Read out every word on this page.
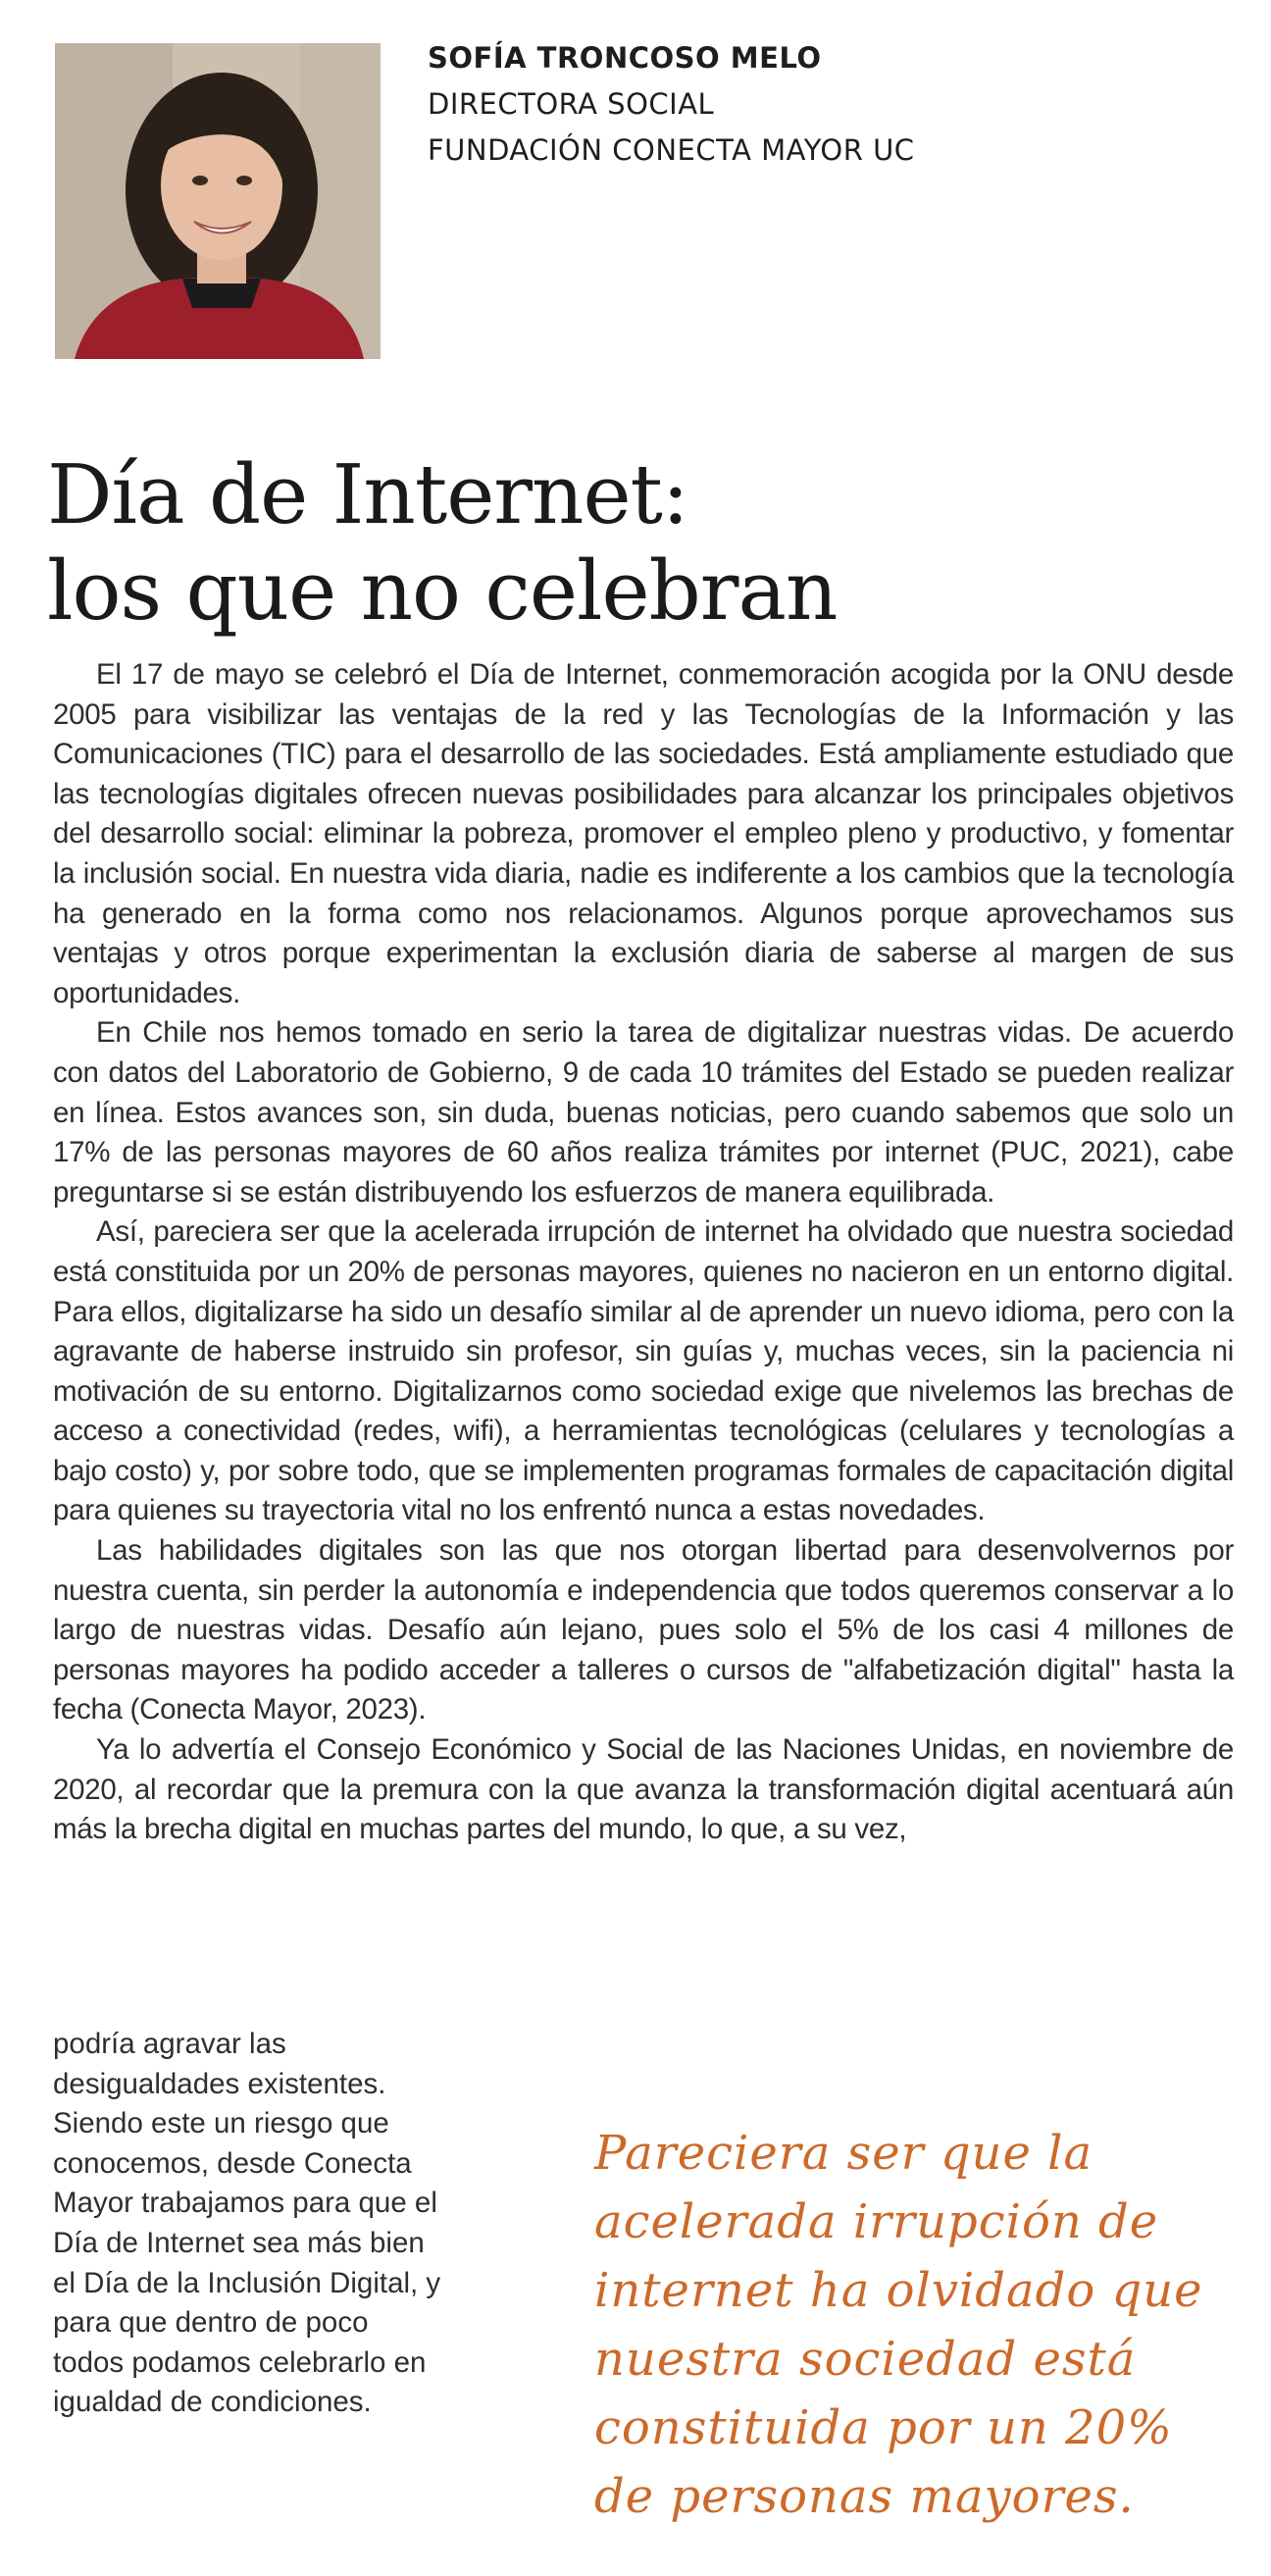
SOFÍA TRONCOSO MELO
DIRECTORA SOCIAL
FUNDACIÓN CONECTA MAYOR UC
Día de Internet:
los que no celebran

El 17 de mayo se celebró el Día de Internet, conmemoración acogida por la ONU desde 2005 para visibilizar las ventajas de la red y las Tecnologías de la Información y las Comunicaciones (TIC) para el desarrollo de las sociedades. Está ampliamente estudiado que las tecnologías digitales ofrecen nuevas posibilidades para alcanzar los principales objetivos del desarrollo social: eliminar la pobreza, promover el empleo pleno y productivo, y fomentar la inclusión social. En nuestra vida diaria, nadie es indiferente a los cambios que la tecnología ha generado en la forma como nos relacionamos. Algunos porque aprovechamos sus ventajas y otros porque experimentan la exclusión diaria de saberse al margen de sus oportunidades.

En Chile nos hemos tomado en serio la tarea de digitalizar nuestras vidas. De acuerdo con datos del Laboratorio de Gobierno, 9 de cada 10 trámites del Estado se pueden realizar en línea. Estos avances son, sin duda, buenas noticias, pero cuando sabemos que solo un 17% de las personas mayores de 60 años realiza trámites por internet (PUC, 2021), cabe preguntarse si se están distribuyendo los esfuerzos de manera equilibrada.

Así, pareciera ser que la acelerada irrupción de internet ha olvidado que nuestra sociedad está constituida por un 20% de personas mayores, quienes no nacieron en un entorno digital. Para ellos, digitalizarse ha sido un desafío similar al de aprender un nuevo idioma, pero con la agravante de haberse instruido sin profesor, sin guías y, muchas veces, sin la paciencia ni motivación de su entorno. Digitalizarnos como sociedad exige que nivelemos las brechas de acceso a conectividad (redes, wifi), a herramientas tecnológicas (celulares y tecnologías a bajo costo) y, por sobre todo, que se implementen programas formales de capacitación digital para quienes su trayectoria vital no los enfrentó nunca a estas novedades.

Las habilidades digitales son las que nos otorgan libertad para desenvolvernos por nuestra cuenta, sin perder la autonomía e independencia que todos queremos conservar a lo largo de nuestras vidas. Desafío aún lejano, pues solo el 5% de los casi 4 millones de personas mayores ha podido acceder a talleres o cursos de "alfabetización digital" hasta la fecha (Conecta Mayor, 2023).

Ya lo advertía el Consejo Económico y Social de las Naciones Unidas, en noviembre de 2020, al recordar que la premura con la que avanza la transformación digital acentuará aún más la brecha digital en muchas partes del mundo, lo que, a su vez,

podría agravar las desigualdades existentes. Siendo este un riesgo que conocemos, desde Conecta Mayor trabajamos para que el Día de Internet sea más bien el Día de la Inclusión Digital, y para que dentro de poco todos podamos celebrarlo en igualdad de condiciones.
Pareciera ser que la acelerada irrupción de internet ha olvidado que nuestra sociedad está constituida por un 20% de personas mayores.
